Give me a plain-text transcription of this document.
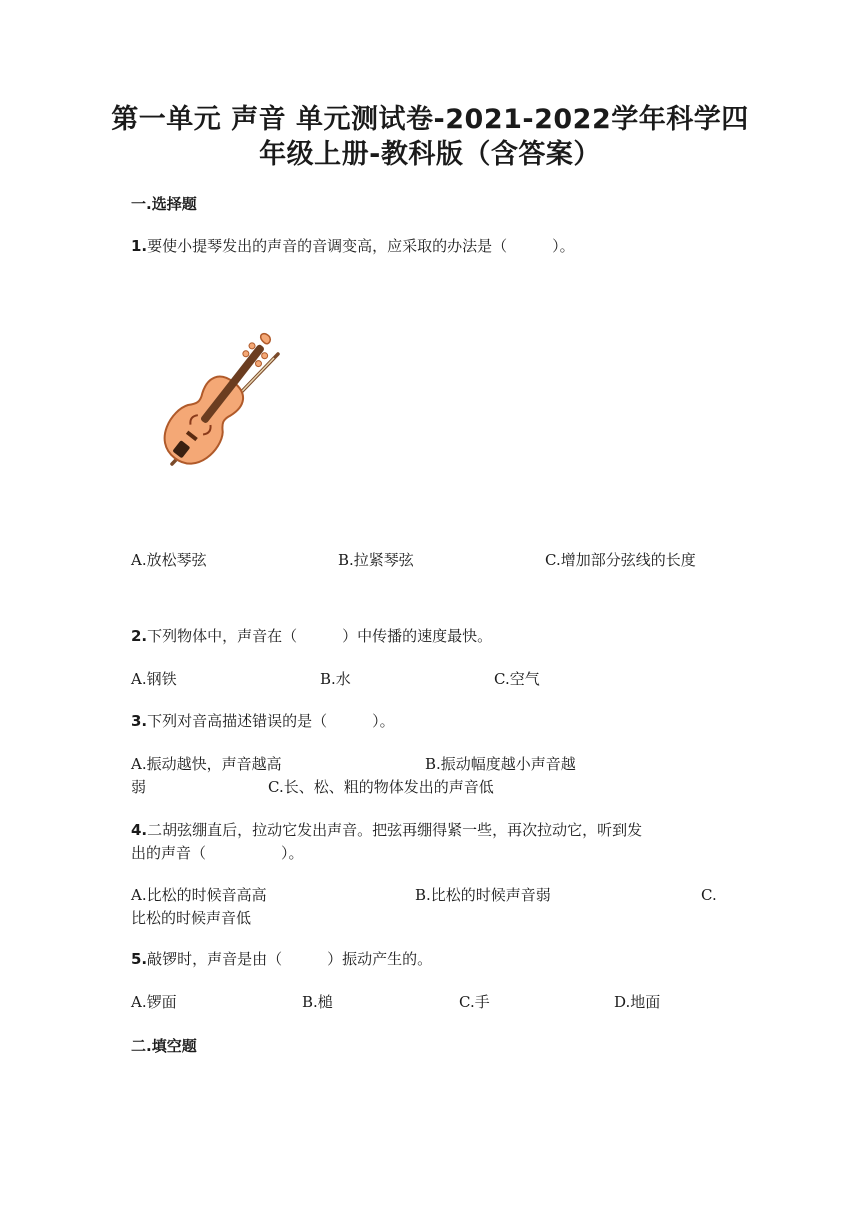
第一单元 声音 单元测试卷-2021-2022学年科学四
年级上册-教科版（含答案）
一.选择题
1.要使小提琴发出的声音的音调变高，应采取的办法是（　　　）。
A.放松琴弦	B.拉紧琴弦	C.增加部分弦线的长度
2.下列物体中，声音在（　　　）中传播的速度最快。
A.钢铁	B.水	C.空气
3.下列对音高描述错误的是（　　　）。
A.振动越快，声音越高	B.振动幅度越小声音越
弱	C.长、松、粗的物体发出的声音低
4.二胡弦绷直后，拉动它发出声音。把弦再绷得紧一些，再次拉动它，听到发
出的声音（　　　　　）。
A.比松的时候音高高	B.比松的时候声音弱	C.
比松的时候声音低
5.敲锣时，声音是由（　　　）振动产生的。
A.锣面	B.槌	C.手	D.地面
二.填空题
